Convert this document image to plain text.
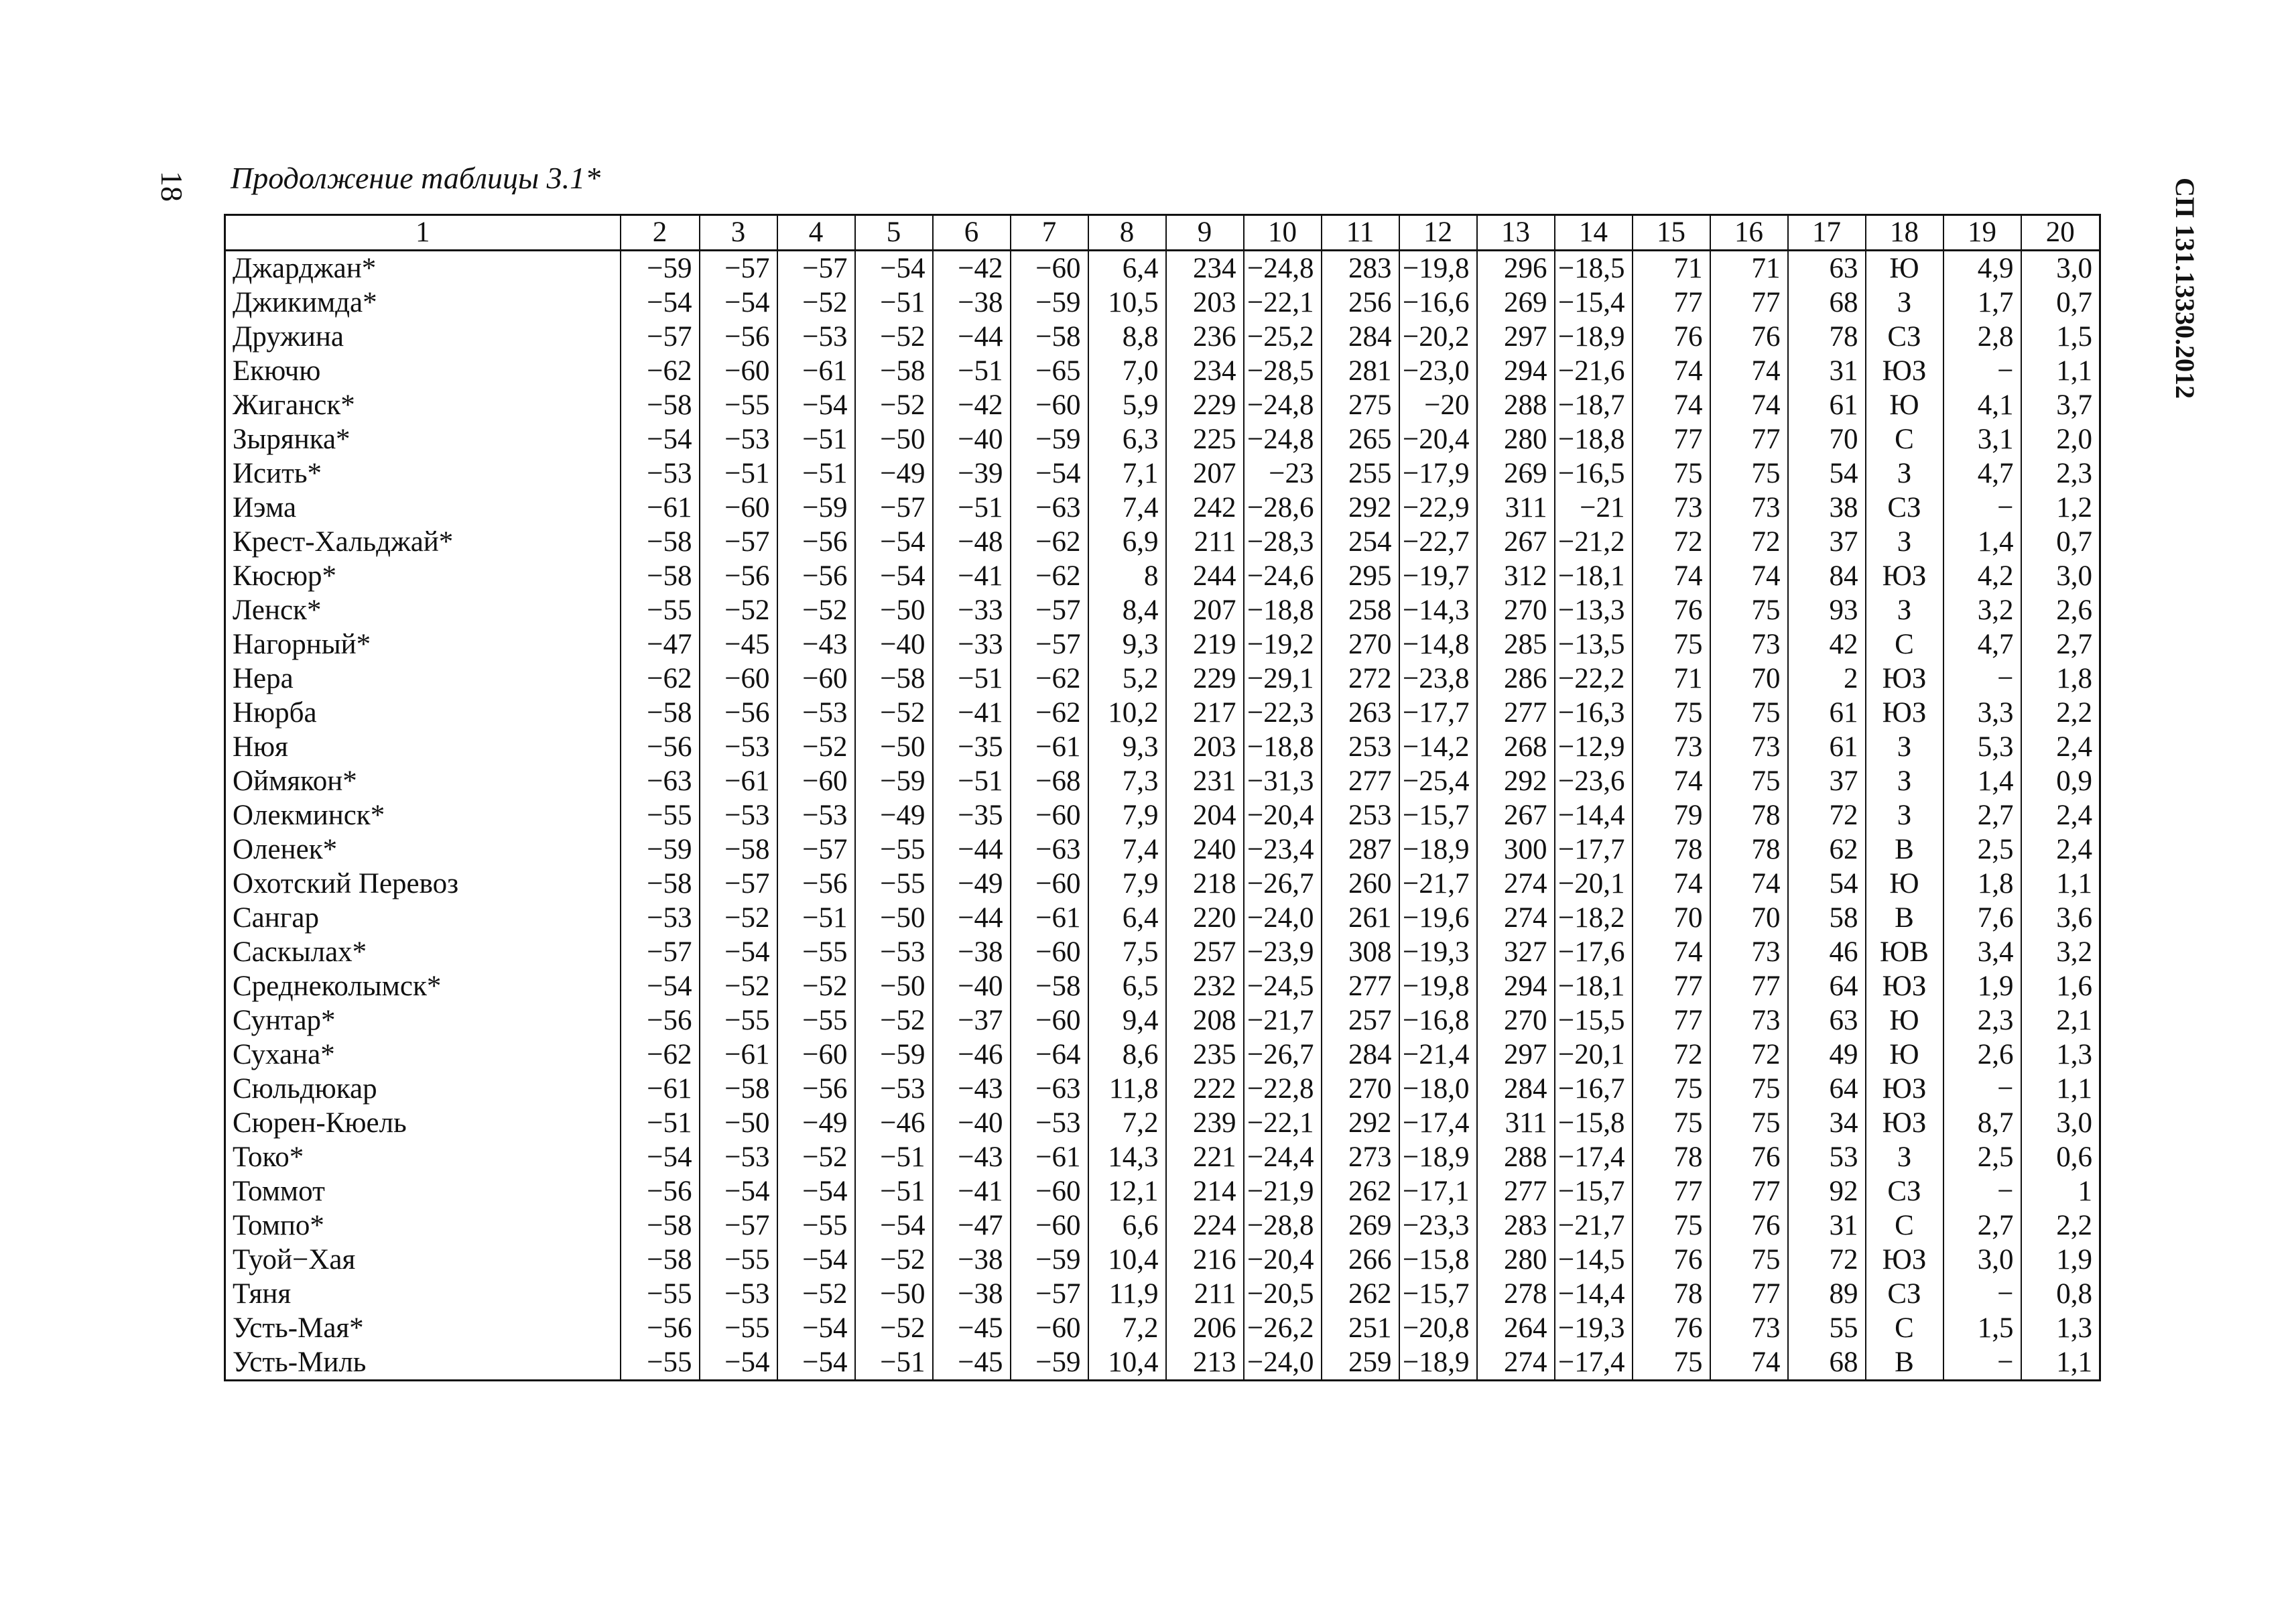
18 Продолжение таблицы 3.1*	СП 131.13330.2012
1	2	3	4	5	6	7	8	9	10	11	12	13	14	15	16	17	18	19	20
Джарджан*	−59	−57	−57	−54	−42	−60	6,4	234	−24,8	283	−19,8	296	−18,5	71	71	63	Ю	4,9	3,0
Джикимда*	−54	−54	−52	−51	−38	−59	10,5	203	−22,1	256	−16,6	269	−15,4	77	77	68	З	1,7	0,7
Дружина	−57	−56	−53	−52	−44	−58	8,8	236	−25,2	284	−20,2	297	−18,9	76	76	78	СЗ	2,8	1,5
Екючю	−62	−60	−61	−58	−51	−65	7,0	234	−28,5	281	−23,0	294	−21,6	74	74	31	ЮЗ	−	1,1
Жиганск*	−58	−55	−54	−52	−42	−60	5,9	229	−24,8	275	−20	288	−18,7	74	74	61	Ю	4,1	3,7
Зырянка*	−54	−53	−51	−50	−40	−59	6,3	225	−24,8	265	−20,4	280	−18,8	77	77	70	С	3,1	2,0
Исить*	−53	−51	−51	−49	−39	−54	7,1	207	−23	255	−17,9	269	−16,5	75	75	54	З	4,7	2,3
Иэма	−61	−60	−59	−57	−51	−63	7,4	242	−28,6	292	−22,9	311	−21	73	73	38	СЗ	−	1,2
Крест-Хальджай*	−58	−57	−56	−54	−48	−62	6,9	211	−28,3	254	−22,7	267	−21,2	72	72	37	З	1,4	0,7
Кюсюр*	−58	−56	−56	−54	−41	−62	8	244	−24,6	295	−19,7	312	−18,1	74	74	84	ЮЗ	4,2	3,0
Ленск*	−55	−52	−52	−50	−33	−57	8,4	207	−18,8	258	−14,3	270	−13,3	76	75	93	З	3,2	2,6
Нагорный*	−47	−45	−43	−40	−33	−57	9,3	219	−19,2	270	−14,8	285	−13,5	75	73	42	С	4,7	2,7
Нера	−62	−60	−60	−58	−51	−62	5,2	229	−29,1	272	−23,8	286	−22,2	71	70	2	ЮЗ	−	1,8
Нюрба	−58	−56	−53	−52	−41	−62	10,2	217	−22,3	263	−17,7	277	−16,3	75	75	61	ЮЗ	3,3	2,2
Нюя	−56	−53	−52	−50	−35	−61	9,3	203	−18,8	253	−14,2	268	−12,9	73	73	61	З	5,3	2,4
Оймякон*	−63	−61	−60	−59	−51	−68	7,3	231	−31,3	277	−25,4	292	−23,6	74	75	37	З	1,4	0,9
Олекминск*	−55	−53	−53	−49	−35	−60	7,9	204	−20,4	253	−15,7	267	−14,4	79	78	72	З	2,7	2,4
Оленек*	−59	−58	−57	−55	−44	−63	7,4	240	−23,4	287	−18,9	300	−17,7	78	78	62	В	2,5	2,4
Охотский Перевоз	−58	−57	−56	−55	−49	−60	7,9	218	−26,7	260	−21,7	274	−20,1	74	74	54	Ю	1,8	1,1
Сангар	−53	−52	−51	−50	−44	−61	6,4	220	−24,0	261	−19,6	274	−18,2	70	70	58	В	7,6	3,6
Саскылах*	−57	−54	−55	−53	−38	−60	7,5	257	−23,9	308	−19,3	327	−17,6	74	73	46	ЮВ	3,4	3,2
Среднеколымск*	−54	−52	−52	−50	−40	−58	6,5	232	−24,5	277	−19,8	294	−18,1	77	77	64	ЮЗ	1,9	1,6
Сунтар*	−56	−55	−55	−52	−37	−60	9,4	208	−21,7	257	−16,8	270	−15,5	77	73	63	Ю	2,3	2,1
Сухана*	−62	−61	−60	−59	−46	−64	8,6	235	−26,7	284	−21,4	297	−20,1	72	72	49	Ю	2,6	1,3
Сюльдюкар	−61	−58	−56	−53	−43	−63	11,8	222	−22,8	270	−18,0	284	−16,7	75	75	64	ЮЗ	−	1,1
Сюрен-Кюель	−51	−50	−49	−46	−40	−53	7,2	239	−22,1	292	−17,4	311	−15,8	75	75	34	ЮЗ	8,7	3,0
Токо*	−54	−53	−52	−51	−43	−61	14,3	221	−24,4	273	−18,9	288	−17,4	78	76	53	З	2,5	0,6
Томмот	−56	−54	−54	−51	−41	−60	12,1	214	−21,9	262	−17,1	277	−15,7	77	77	92	СЗ	−	1
Томпо*	−58	−57	−55	−54	−47	−60	6,6	224	−28,8	269	−23,3	283	−21,7	75	76	31	С	2,7	2,2
Туой−Хая	−58	−55	−54	−52	−38	−59	10,4	216	−20,4	266	−15,8	280	−14,5	76	75	72	ЮЗ	3,0	1,9
Тяня	−55	−53	−52	−50	−38	−57	11,9	211	−20,5	262	−15,7	278	−14,4	78	77	89	СЗ	−	0,8
Усть-Мая*	−56	−55	−54	−52	−45	−60	7,2	206	−26,2	251	−20,8	264	−19,3	76	73	55	С	1,5	1,3
Усть-Миль	−55	−54	−54	−51	−45	−59	10,4	213	−24,0	259	−18,9	274	−17,4	75	74	68	В	−	1,1
